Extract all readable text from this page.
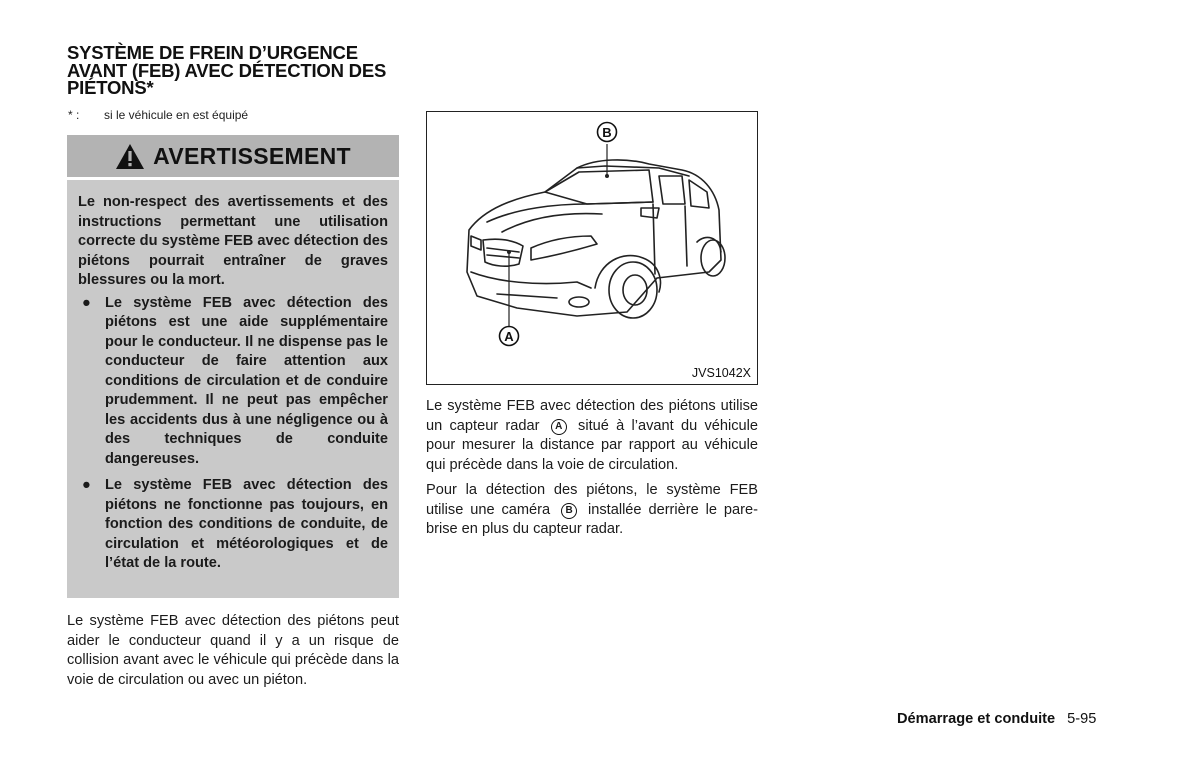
SYSTÈME DE FREIN D’URGENCE
AVANT (FEB) AVEC DÉTECTION DES
PIÉTONS*
* : si le véhicule en est équipé
AVERTISSEMENT

Le non-respect des avertissements et des instructions permettant une utilisation correcte du système FEB avec détection des piétons pourrait entraîner de graves blessures ou la mort.

● Le système FEB avec détection des piétons est une aide supplémentaire pour le conducteur. Il ne dispense pas le conducteur de faire attention aux conditions de circulation et de conduire prudemment. Il ne peut pas empêcher les accidents dus à une négligence ou à des techniques de conduite dangereuses.
● Le système FEB avec détection des piétons ne fonctionne pas toujours, en fonction des conditions de conduite, de circulation et météorologiques et de l’état de la route.
Le système FEB avec détection des piétons peut aider le conducteur quand il y a un risque de collision avant avec le véhicule qui précède dans la voie de circulation ou avec un piéton.
B
A
JVS1042X
Le système FEB avec détection des piétons utilise un capteur radar A situé à l’avant du véhicule pour mesurer la distance par rapport au véhicule qui précède dans la voie de circulation.
Pour la détection des piétons, le système FEB utilise une caméra B installée derrière le pare-brise en plus du capteur radar.
Démarrage et conduite 5-95
